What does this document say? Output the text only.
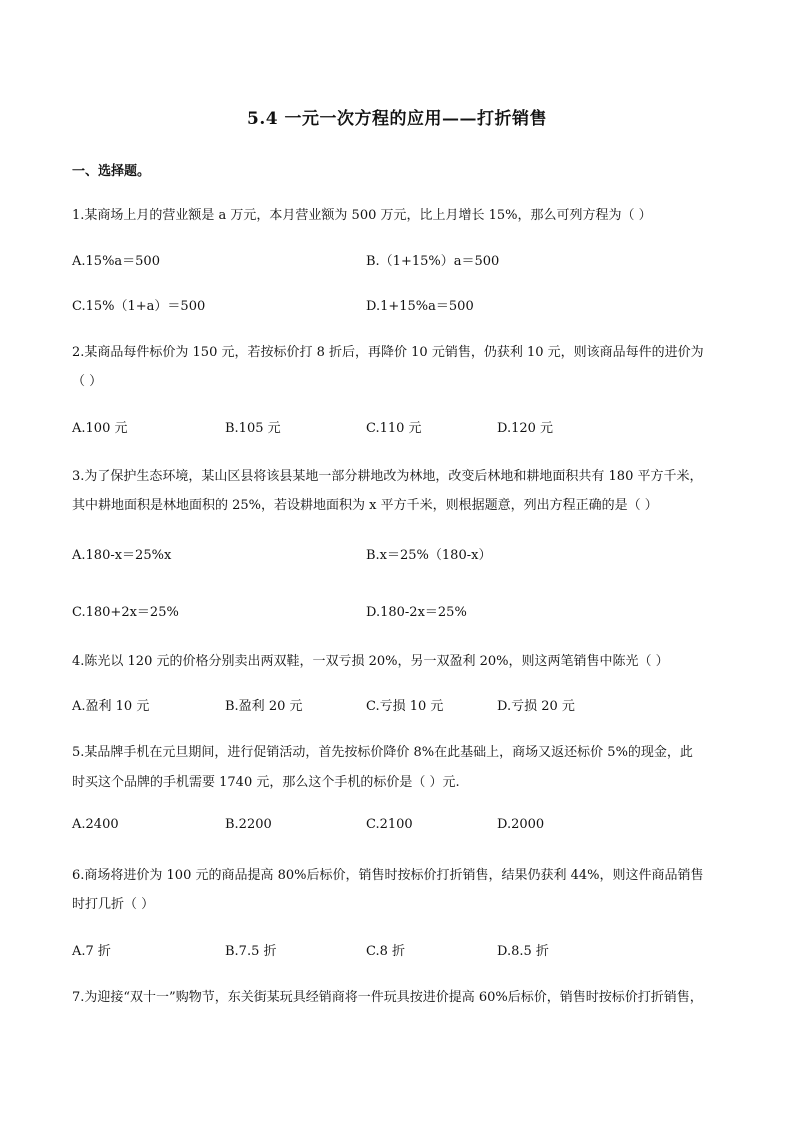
5.4 一元一次方程的应用——打折销售
一、选择题。
1.某商场上月的营业额是 a 万元，本月营业额为 500 万元，比上月增长 15%，那么可列方程为（ ）
A.15%a＝500	B.（1+15%）a＝500
C.15%（1+a）＝500	D.1+15%a＝500
2.某商品每件标价为 150 元，若按标价打 8 折后，再降价 10 元销售，仍获利 10 元，则该商品每件的进价为
（ ）
A.100 元	B.105 元	C.110 元	D.120 元
3.为了保护生态环境，某山区县将该县某地一部分耕地改为林地，改变后林地和耕地面积共有 180 平方千米，
其中耕地面积是林地面积的 25%，若设耕地面积为 x 平方千米，则根据题意，列出方程正确的是（ ）
A.180-x＝25%x	B.x＝25%（180-x）
C.180+2x＝25%	D.180-2x＝25%
4.陈光以 120 元的价格分别卖出两双鞋，一双亏损 20%，另一双盈利 20%，则这两笔销售中陈光（ ）
A.盈利 10 元	B.盈利 20 元	C.亏损 10 元	D.亏损 20 元
5.某品牌手机在元旦期间，进行促销活动，首先按标价降价 8%在此基础上，商场又返还标价 5%的现金，此
时买这个品牌的手机需要 1740 元，那么这个手机的标价是（ ）元.
A.2400	B.2200	C.2100	D.2000
6.商场将进价为 100 元的商品提高 80%后标价，销售时按标价打折销售，结果仍获利 44%，则这件商品销售
时打几折（ ）
A.7 折	B.7.5 折	C.8 折	D.8.5 折
7.为迎接“双十一”购物节，东关街某玩具经销商将一件玩具按进价提高 60%后标价，销售时按标价打折销售，
